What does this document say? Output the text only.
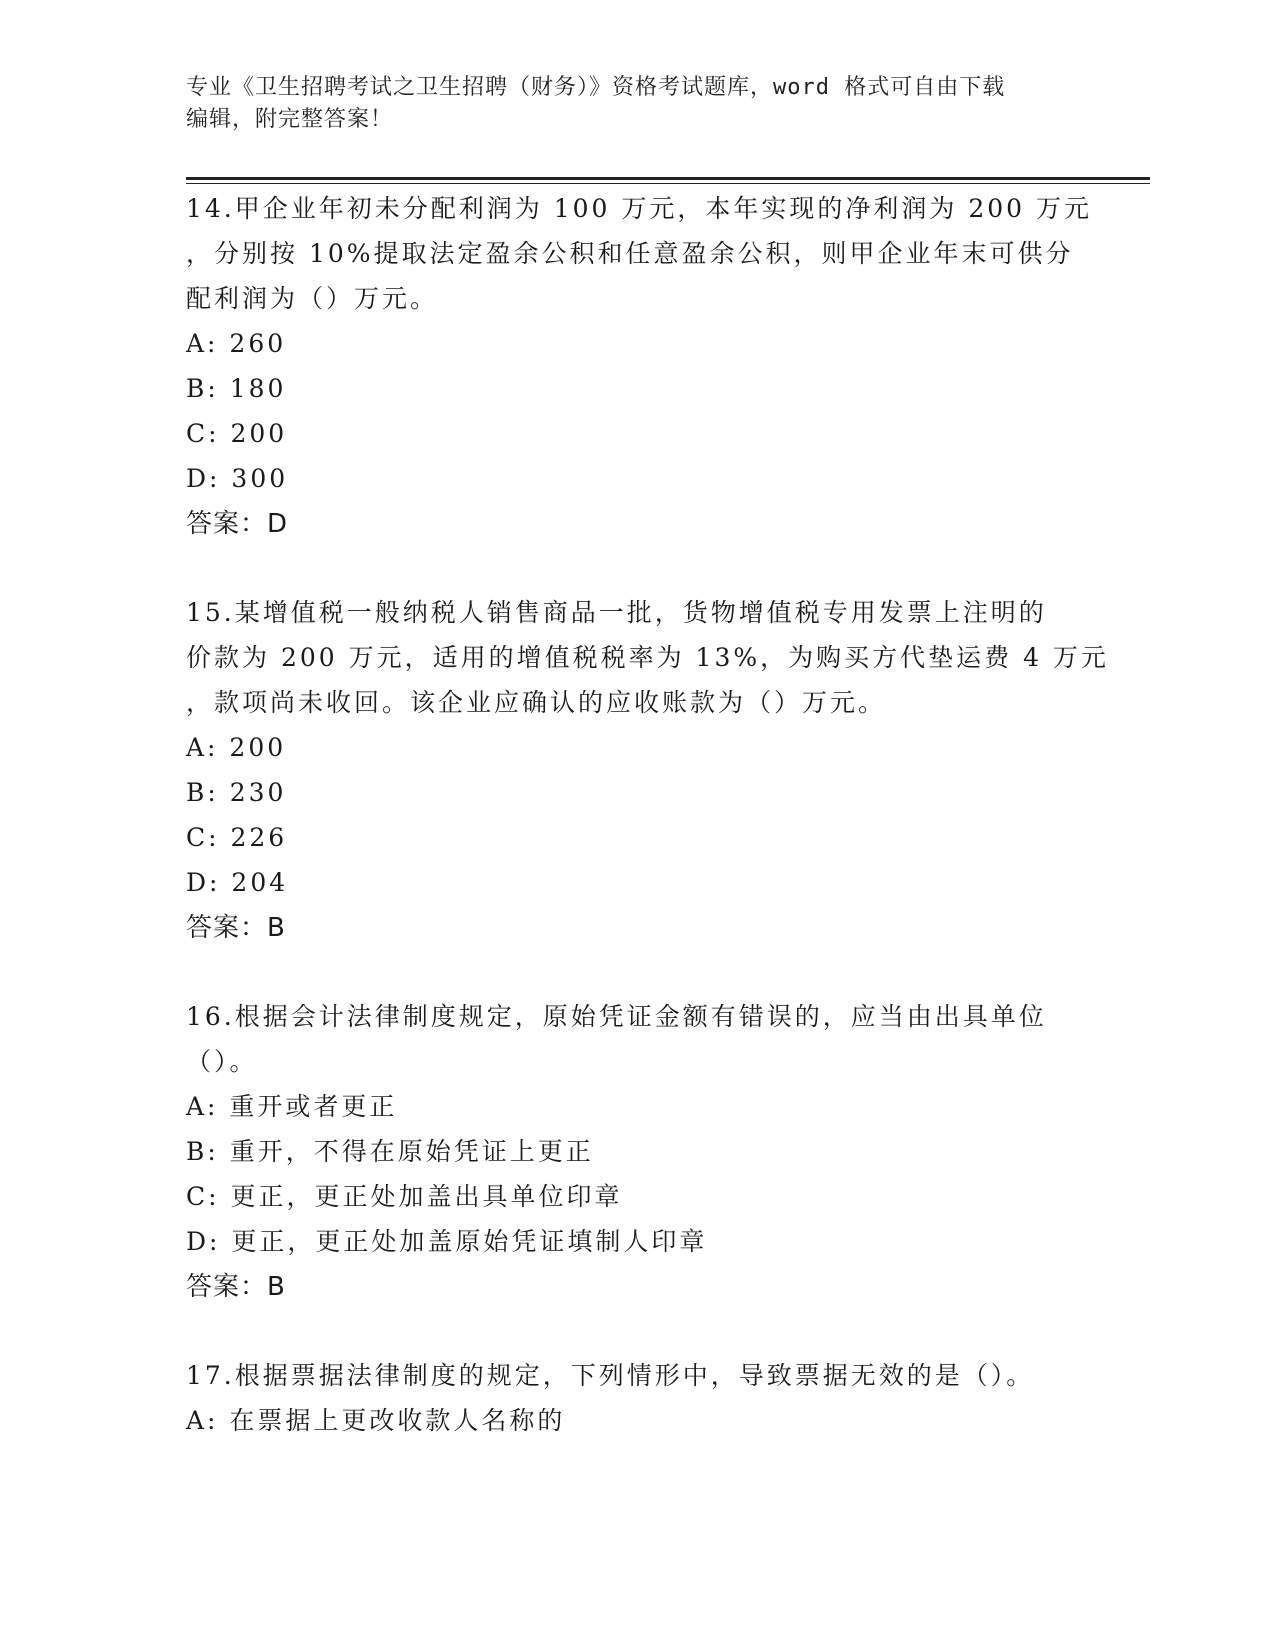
专业《卫生招聘考试之卫生招聘（财务）》资格考试题库，word 格式可自由下载
编辑，附完整答案！
14.甲企业年初未分配利润为 100 万元，本年实现的净利润为 200 万元
，分别按 10%提取法定盈余公积和任意盈余公积，则甲企业年末可供分
配利润为（）万元。
A: 260
B: 180
C: 200
D: 300
答案：D
15.某增值税一般纳税人销售商品一批，货物增值税专用发票上注明的
价款为 200 万元，适用的增值税税率为 13%，为购买方代垫运费 4 万元
，款项尚未收回。该企业应确认的应收账款为（）万元。
A: 200
B: 230
C: 226
D: 204
答案：B
16.根据会计法律制度规定，原始凭证金额有错误的，应当由出具单位
（）。
A: 重开或者更正
B: 重开，不得在原始凭证上更正
C: 更正，更正处加盖出具单位印章
D: 更正，更正处加盖原始凭证填制人印章
答案：B
17.根据票据法律制度的规定，下列情形中，导致票据无效的是（）。
A: 在票据上更改收款人名称的
